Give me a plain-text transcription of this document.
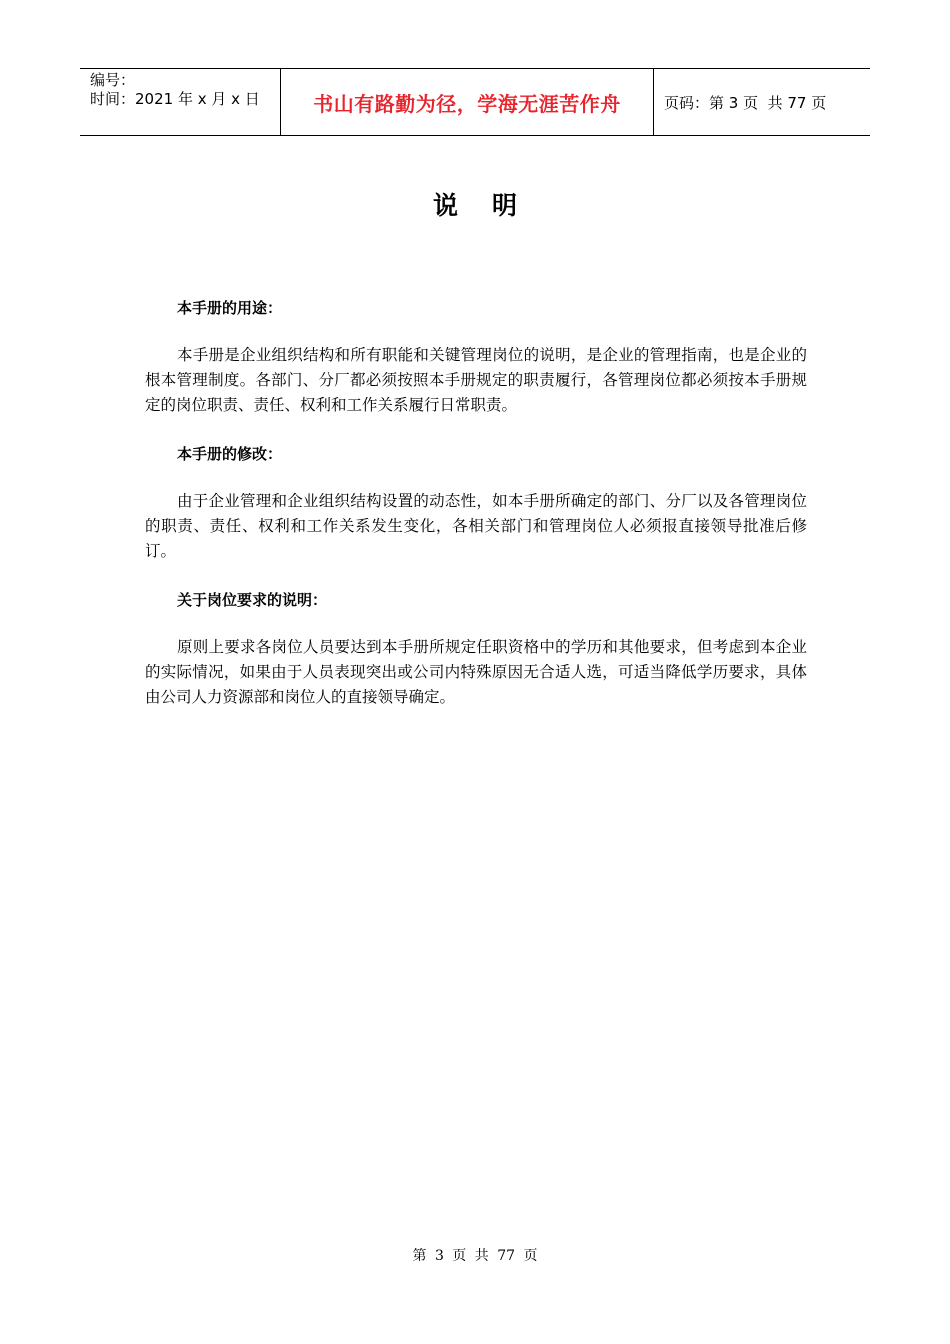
编号：
时间：2021 年 x 月 x 日	书山有路勤为径，学海无涯苦作舟	页码：第 3 页  共 77 页
说明

本手册的用途：

本手册是企业组织结构和所有职能和关键管理岗位的说明，是企业的管理指南，也是企业的根本管理制度。各部门、分厂都必须按照本手册规定的职责履行，各管理岗位都必须按本手册规定的岗位职责、责任、权利和工作关系履行日常职责。

本手册的修改：

由于企业管理和企业组织结构设置的动态性，如本手册所确定的部门、分厂以及各管理岗位的职责、责任、权利和工作关系发生变化，各相关部门和管理岗位人必须报直接领导批准后修订。

关于岗位要求的说明：

原则上要求各岗位人员要达到本手册所规定任职资格中的学历和其他要求，但考虑到本企业的实际情况，如果由于人员表现突出或公司内特殊原因无合适人选，可适当降低学历要求，具体由公司人力资源部和岗位人的直接领导确定。

第 3 页 共 77 页
